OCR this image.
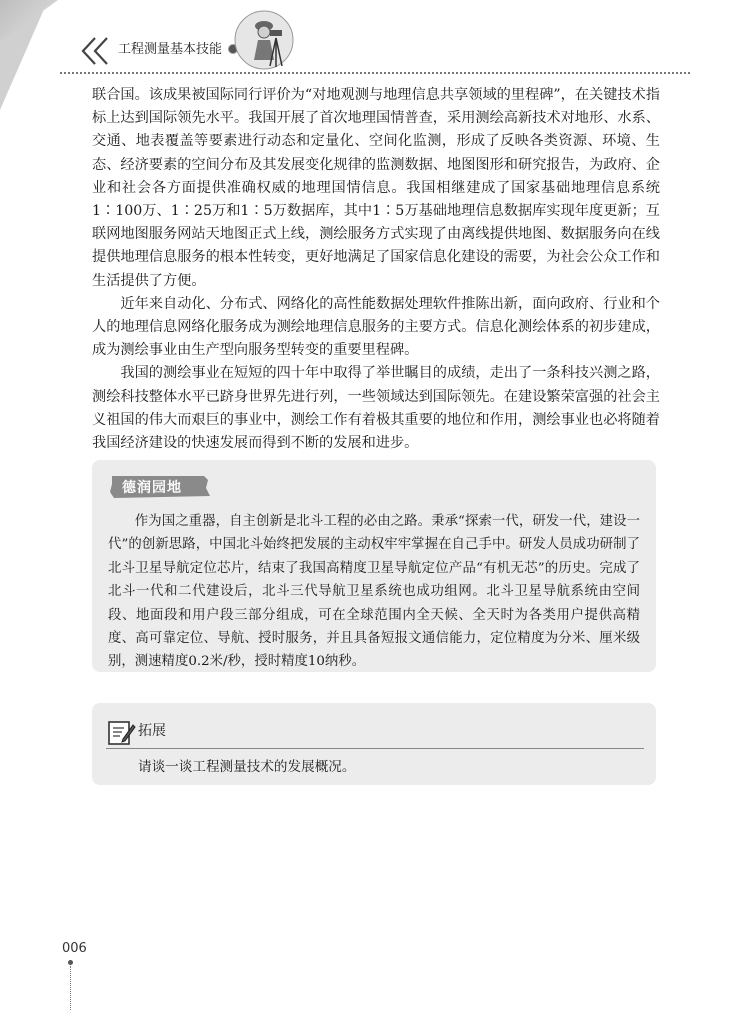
工程测量基本技能

联合国。该成果被国际同行评价为“对地观测与地理信息共享领域的里程碑”，在关键技术指标上达到国际领先水平。我国开展了首次地理国情普查，采用测绘高新技术对地形、水系、交通、地表覆盖等要素进行动态和定量化、空间化监测，形成了反映各类资源、环境、生态、经济要素的空间分布及其发展变化规律的监测数据、地图图形和研究报告，为政府、企业和社会各方面提供准确权威的地理国情信息。我国相继建成了国家基础地理信息系统1∶100万、1∶25万和1∶5万数据库，其中1∶5万基础地理信息数据库实现年度更新；互联网地图服务网站天地图正式上线，测绘服务方式实现了由离线提供地图、数据服务向在线提供地理信息服务的根本性转变，更好地满足了国家信息化建设的需要，为社会公众工作和生活提供了方便。

近年来自动化、分布式、网络化的高性能数据处理软件推陈出新，面向政府、行业和个人的地理信息网络化服务成为测绘地理信息服务的主要方式。信息化测绘体系的初步建成，成为测绘事业由生产型向服务型转变的重要里程碑。

我国的测绘事业在短短的四十年中取得了举世瞩目的成绩，走出了一条科技兴测之路，测绘科技整体水平已跻身世界先进行列，一些领域达到国际领先。在建设繁荣富强的社会主义祖国的伟大而艰巨的事业中，测绘工作有着极其重要的地位和作用，测绘事业也必将随着我国经济建设的快速发展而得到不断的发展和进步。

德润园地

作为国之重器，自主创新是北斗工程的必由之路。秉承“探索一代，研发一代，建设一代”的创新思路，中国北斗始终把发展的主动权牢牢掌握在自己手中。研发人员成功研制了北斗卫星导航定位芯片，结束了我国高精度卫星导航定位产品“有机无芯”的历史。完成了北斗一代和二代建设后，北斗三代导航卫星系统也成功组网。北斗卫星导航系统由空间段、地面段和用户段三部分组成，可在全球范围内全天候、全天时为各类用户提供高精度、高可靠定位、导航、授时服务，并且具备短报文通信能力，定位精度为分米、厘米级别，测速精度0.2米/秒，授时精度10纳秒。

拓展
请谈一谈工程测量技术的发展概况。
006
